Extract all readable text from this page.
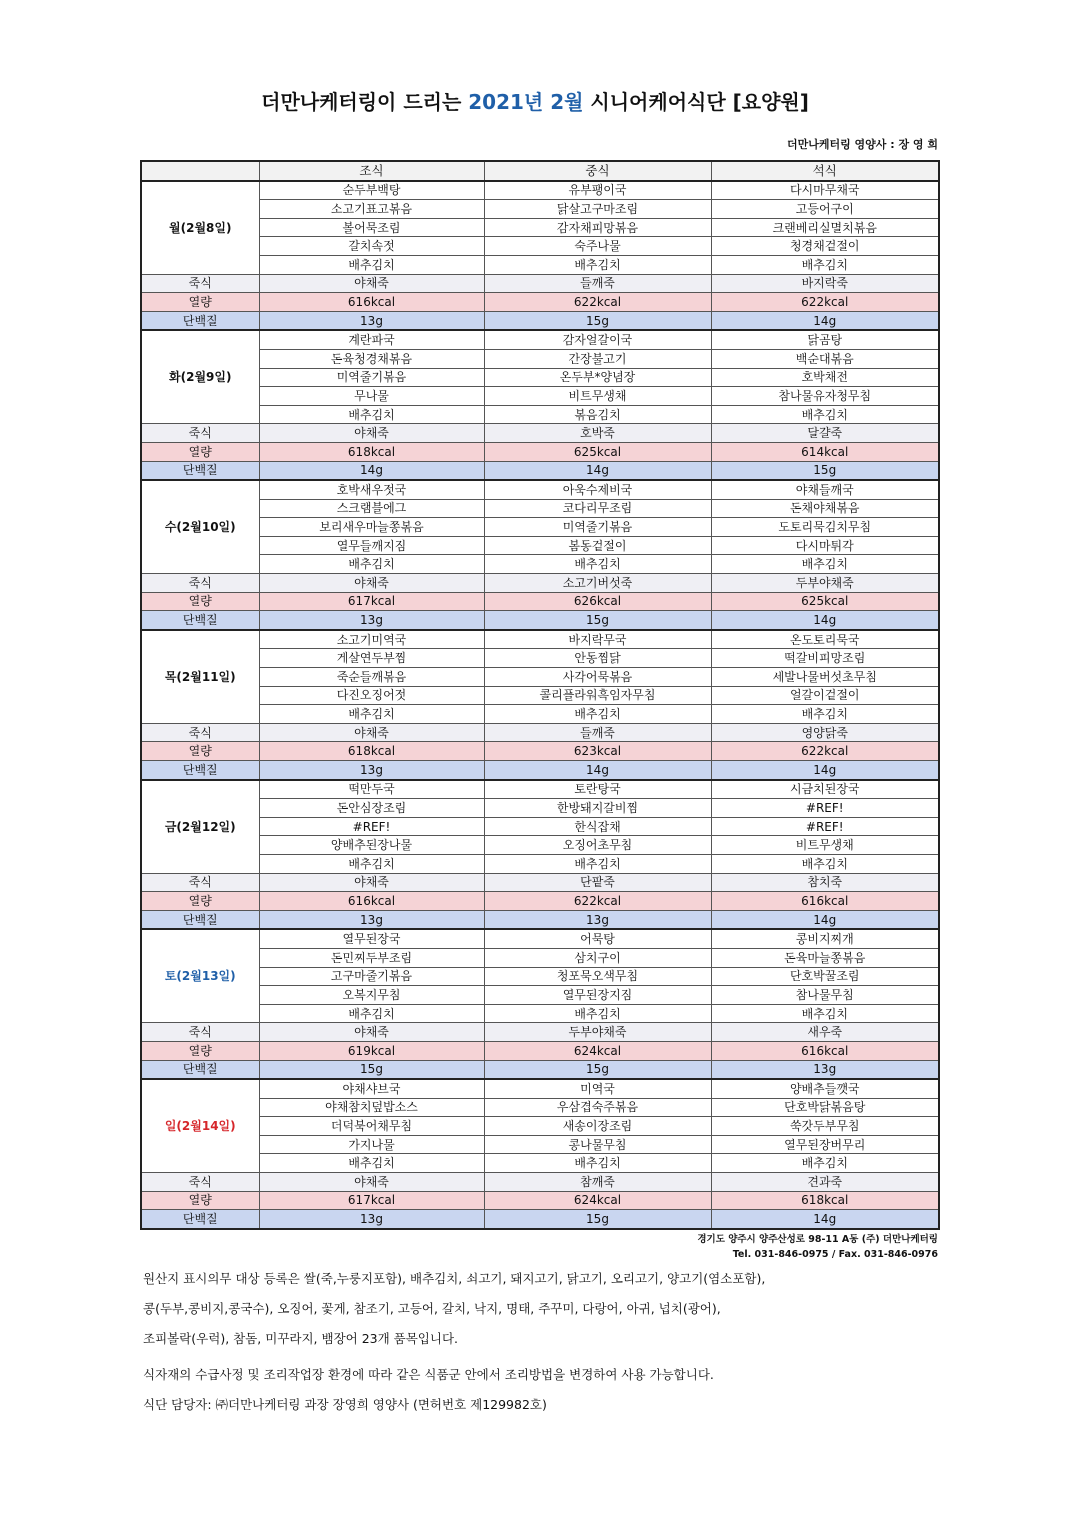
더만나케터링이 드리는 2021년 2월 시니어케어식단 [요양원]
더만나케터링 영양사 : 장 영 희
	조식	중식	석식
월(2월8일)	순두부백탕	유부팽이국	다시마무채국
	소고기표고볶음	닭살고구마조림	고등어구이
	볼어묵조림	감자채피망볶음	크랜베리실멸치볶음
	갈치속젓	숙주나물	청경채겉절이
	배추김치	배추김치	배추김치
죽식	야채죽	들깨죽	바지락죽
열량	616kcal	622kcal	622kcal
단백질	13g	15g	14g
화(2월9일)	계란파국	감자얼갈이국	닭곰탕
	돈육청경채볶음	간장불고기	백순대볶음
	미역줄기볶음	온두부*양념장	호박채전
	무나물	비트무생채	참나물유자청무침
	배추김치	볶음김치	배추김치
죽식	야채죽	호박죽	달걀죽
열량	618kcal	625kcal	614kcal
단백질	14g	14g	15g
수(2월10일)	호박새우젓국	아욱수제비국	야채들깨국
	스크램블에그	코다리무조림	돈채야채볶음
	보리새우마늘쫑볶음	미역줄기볶음	도토리묵김치무침
	열무들깨지짐	봄동겉절이	다시마튀각
	배추김치	배추김치	배추김치
죽식	야채죽	소고기버섯죽	두부야채죽
열량	617kcal	626kcal	625kcal
단백질	13g	15g	14g
목(2월11일)	소고기미역국	바지락무국	온도토리묵국
	게살연두부찜	안동찜닭	떡갈비피망조림
	죽순들깨볶음	사각어묵볶음	세발나물버섯초무침
	다진오징어젓	콜리플라워흑임자무침	얼갈이겉절이
	배추김치	배추김치	배추김치
죽식	야채죽	들깨죽	영양닭죽
열량	618kcal	623kcal	622kcal
단백질	13g	14g	14g
금(2월12일)	떡만두국	토란탕국	시금치된장국
	돈안심장조림	한방돼지갈비찜	#REF!
	#REF!	한식잡채	#REF!
	양배추된장나물	오징어초무침	비트무생채
	배추김치	배추김치	배추김치
죽식	야채죽	단팥죽	참치죽
열량	616kcal	622kcal	616kcal
단백질	13g	13g	14g
토(2월13일)	열무된장국	어묵탕	콩비지찌개
	돈민찌두부조림	삼치구이	돈육마늘쫑볶음
	고구마줄기볶음	청포묵오색무침	단호박꿀조림
	오복지무침	열무된장지짐	참나물무침
	배추김치	배추김치	배추김치
죽식	야채죽	두부야채죽	새우죽
열량	619kcal	624kcal	616kcal
단백질	15g	15g	13g
일(2월14일)	야채샤브국	미역국	양배추들깻국
	야채참치덮밥소스	우삼겹숙주볶음	단호박닭볶음탕
	더덕북어채무침	새송이장조림	쑥갓두부무침
	가지나물	콩나물무침	열무된장버무리
	배추김치	배추김치	배추김치
죽식	야채죽	참깨죽	견과죽
열량	617kcal	624kcal	618kcal
단백질	13g	15g	14g
경기도 양주시 양주산성로 98-11 A동 (주) 더만나케터링
Tel. 031-846-0975 / Fax. 031-846-0976

원산지 표시의무 대상 등록은 쌀(죽,누룽지포함), 배추김치, 쇠고기, 돼지고기, 닭고기, 오리고기, 양고기(염소포함),

콩(두부,콩비지,콩국수), 오징어, 꽃게, 참조기, 고등어, 갈치, 낙지, 명태, 주꾸미, 다랑어, 아귀, 넙치(광어),

조피볼락(우럭), 참돔, 미꾸라지, 뱀장어 23개 품목입니다.

식자재의 수급사정 및 조리작업장 환경에 따라 같은 식품군 안에서 조리방법을 변경하여 사용 가능합니다.

식단 담당자: ㈜더만나케터링 과장 장영희 영양사 (면허번호 제129982호)
